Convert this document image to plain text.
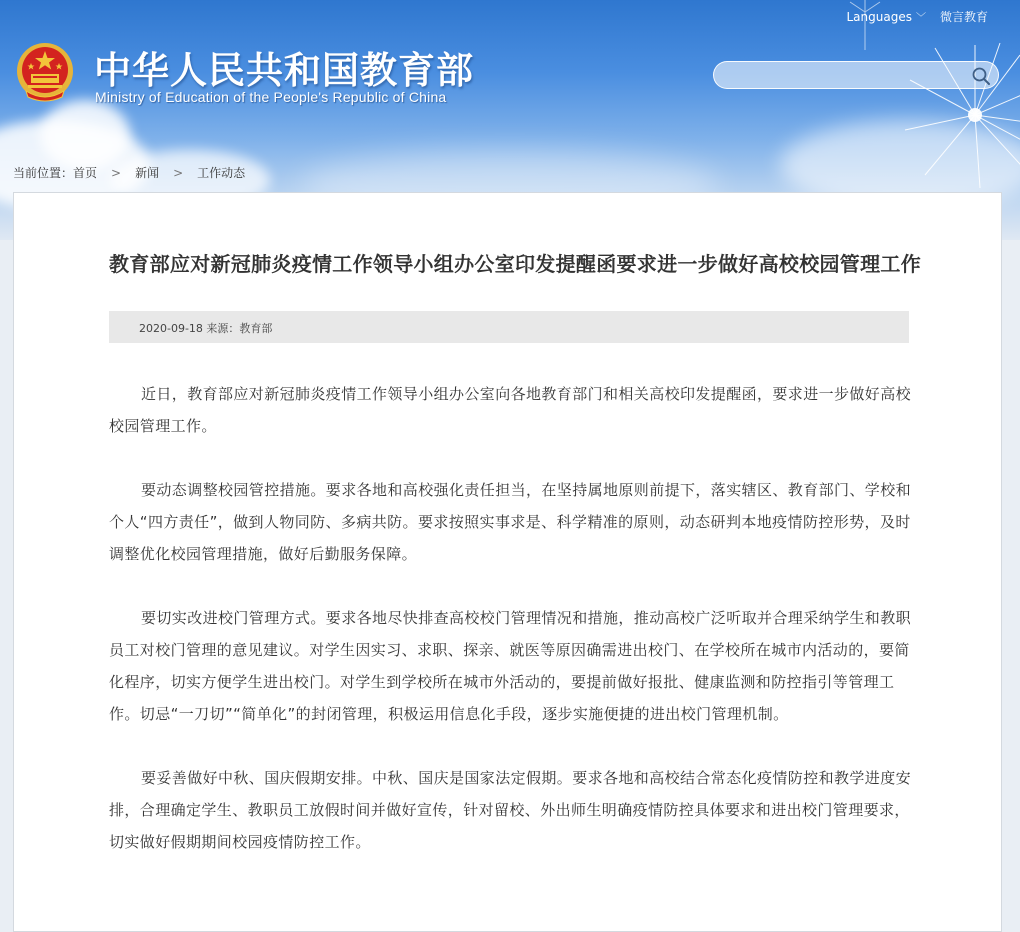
中华人民共和国教育部
Ministry of Education of the People's Republic of China
Languages ﹀ 微言教育
当前位置： 首页 > 新闻 > 工作动态
教育部应对新冠肺炎疫情工作领导小组办公室印发提醒函要求进一步做好高校校园管理工作
2020-09-18 来源：教育部

近日，教育部应对新冠肺炎疫情工作领导小组办公室向各地教育部门和相关高校印发提醒函，要求进一步做好高校校园管理工作。

要动态调整校园管控措施。要求各地和高校强化责任担当，在坚持属地原则前提下，落实辖区、教育部门、学校和个人“四方责任”，做到人物同防、多病共防。要求按照实事求是、科学精准的原则，动态研判本地疫情防控形势，及时调整优化校园管理措施，做好后勤服务保障。

要切实改进校门管理方式。要求各地尽快排查高校校门管理情况和措施，推动高校广泛听取并合理采纳学生和教职员工对校门管理的意见建议。对学生因实习、求职、探亲、就医等原因确需进出校门、在学校所在城市内活动的，要简化程序，切实方便学生进出校门。对学生到学校所在城市外活动的，要提前做好报批、健康监测和防控指引等管理工作。切忌“一刀切”“简单化”的封闭管理，积极运用信息化手段，逐步实施便捷的进出校门管理机制。

要妥善做好中秋、国庆假期安排。中秋、国庆是国家法定假期。要求各地和高校结合常态化疫情防控和教学进度安排，合理确定学生、教职员工放假时间并做好宣传，针对留校、外出师生明确疫情防控具体要求和进出校门管理要求，切实做好假期期间校园疫情防控工作。
